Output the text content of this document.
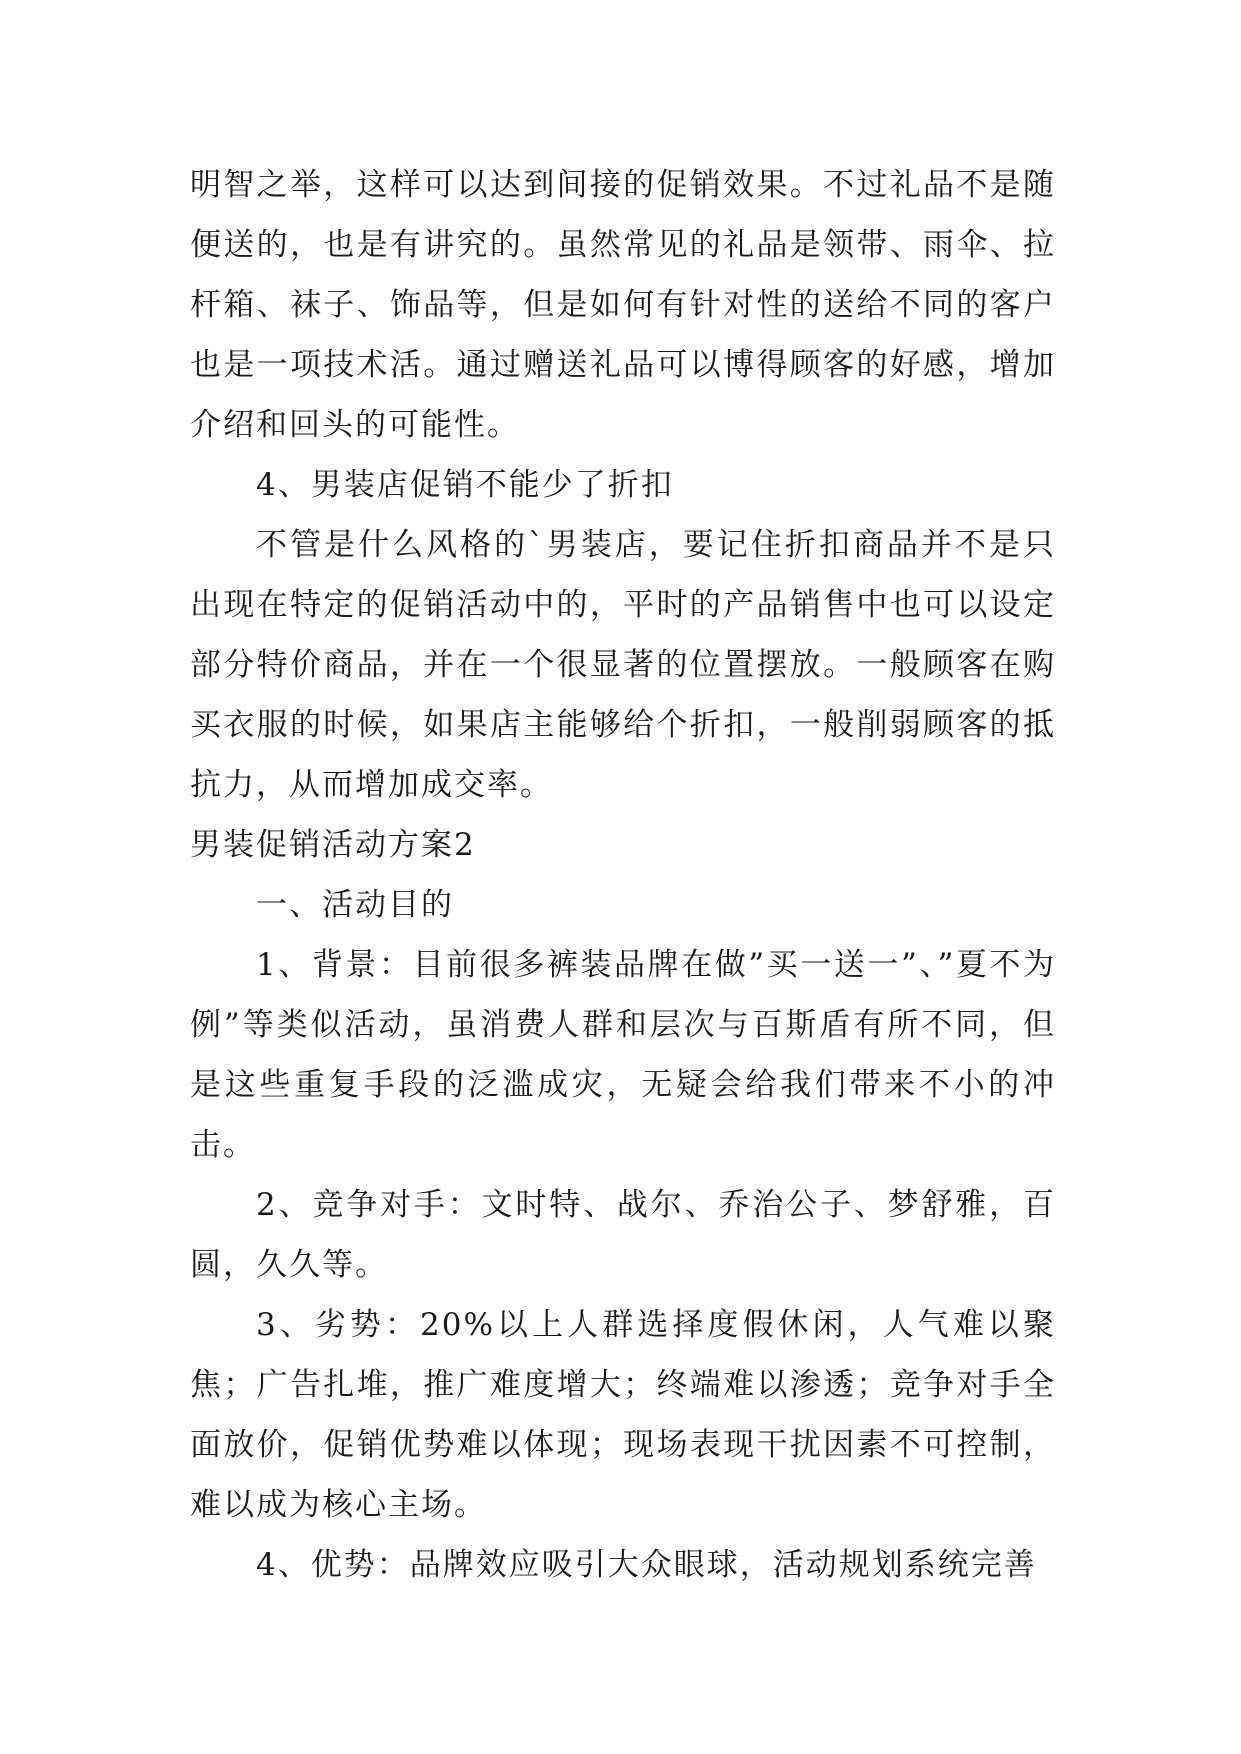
明智之举，这样可以达到间接的促销效果。不过礼品不是随便送的，也是有讲究的。虽然常见的礼品是领带、雨伞、拉杆箱、袜子、饰品等，但是如何有针对性的送给不同的客户也是一项技术活。通过赠送礼品可以博得顾客的好感，增加介绍和回头的可能性。

4、男装店促销不能少了折扣

不管是什么风格的`男装店，要记住折扣商品并不是只出现在特定的促销活动中的，平时的产品销售中也可以设定部分特价商品，并在一个很显著的位置摆放。一般顾客在购买衣服的时候，如果店主能够给个折扣，一般削弱顾客的抵抗力，从而增加成交率。

男装促销活动方案2

一、活动目的

1、背景：目前很多裤装品牌在做”买一送一”、”夏不为例”等类似活动，虽消费人群和层次与百斯盾有所不同，但是这些重复手段的泛滥成灾，无疑会给我们带来不小的冲击。

2、竞争对手：文时特、战尔、乔治公子、梦舒雅，百圆，久久等。

3、劣势：20%以上人群选择度假休闲，人气难以聚焦；广告扎堆，推广难度增大；终端难以渗透；竞争对手全面放价，促销优势难以体现；现场表现干扰因素不可控制，难以成为核心主场。

4、优势：品牌效应吸引大众眼球，活动规划系统完善
